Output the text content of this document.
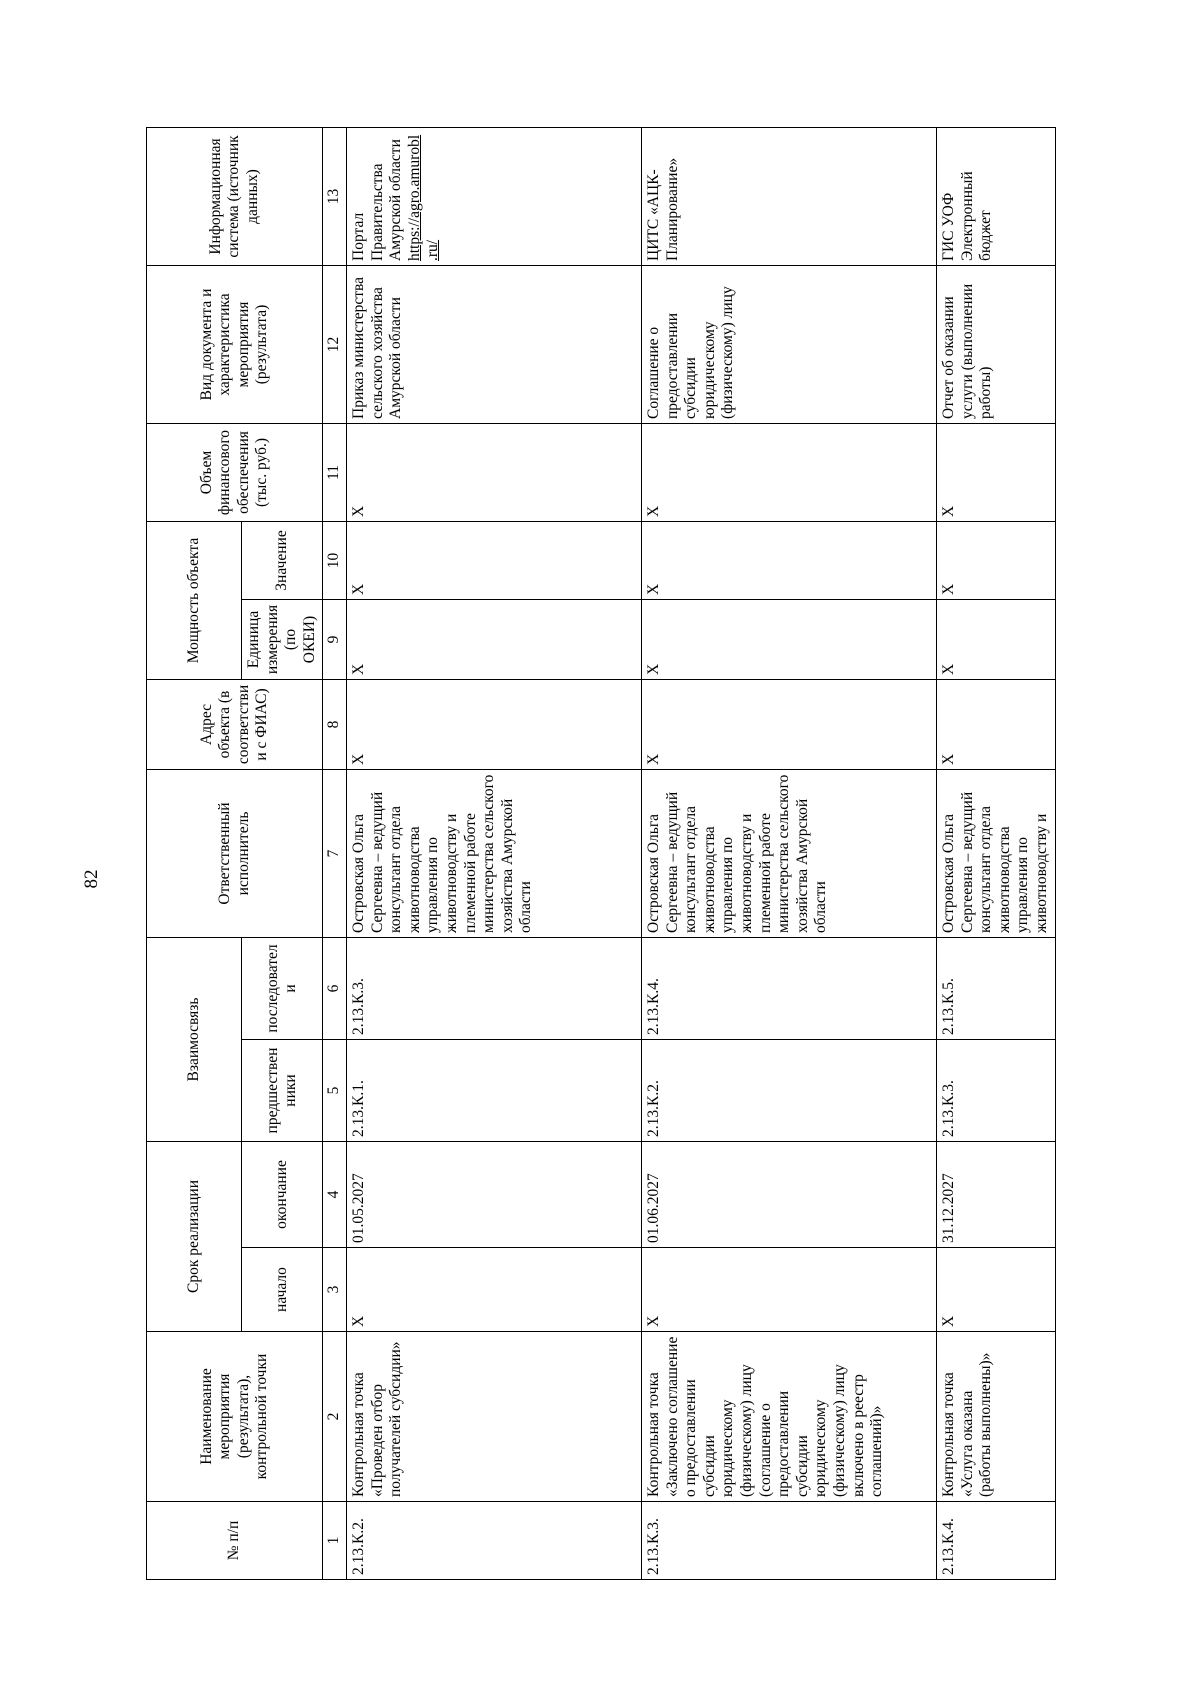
82
№ п/п	Наименование мероприятия (результата), контрольной точки	Срок реализации		Взаимосвязь		Ответственный исполнитель	Адрес объекта (в соответствии с ФИАС)	Мощность объекта		Объем финансового обеспечения (тыс. руб.)	Вид документа и характеристика мероприятия (результата)	Информационная система (источник данных)
		начало	окончание	предшественники	последователи			Единица измерения (по ОКЕИ)	Значение			
1	2	3	4	5	6	7	8	9	10	11	12	13
2.13.К.2.	Контрольная точка «Проведен отбор получателей субсидии»	X	01.05.2027	2.13.К.1.	2.13.К.3.	Островская Ольга Сергеевна – ведущий консультант отдела животноводства управления по животноводству и племенной работе министерства сельского хозяйства Амурской области	X	X	X	X	Приказ министерства сельского хозяйства Амурской области	Портал Правительства Амурской области https://agro.amurobl.ru/
2.13.К.3.	Контрольная точка «Заключено соглашение о предоставлении субсидии юридическому (физическому) лицу (соглашение о предоставлении субсидии юридическому (физическому) лицу включено в реестр соглашений)»	X	01.06.2027	2.13.К.2.	2.13.К.4.	Островская Ольга Сергеевна – ведущий консультант отдела животноводства управления по животноводству и племенной работе министерства сельского хозяйства Амурской области	X	X	X	X	Соглашение о предоставлении субсидии юридическому (физическому) лицу	ЦИТС «АЦК-Планирование»
2.13.К.4.	Контрольная точка «Услуга оказана (работы выполнены)»	X	31.12.2027	2.13.К.3.	2.13.К.5.	Островская Ольга Сергеевна – ведущий консультант отдела животноводства управления по животноводству и	X	X	X	X	Отчет об оказании услуги (выполнении работы)	ГИС УОФ Электронный бюджет
